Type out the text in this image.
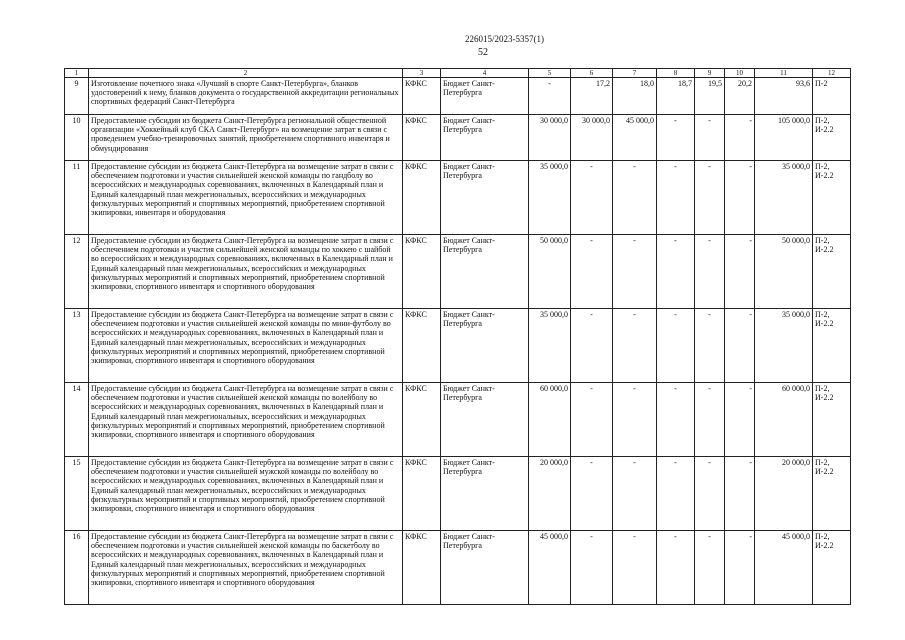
226015/2023-5357(1)
52
1	2	3	4	5	6	7	8	9	10	11	12
9	Изготовление почетного знака «Лучший в спорте Санкт-Петербурга», бланков удостоверений к нему, бланков документа о государственной аккредитации региональных спортивных федераций Санкт-Петербурга	КФКС	Бюджет Санкт-Петербурга	-	17,2	18,0	18,7	19,5	20,2	93,6	П-2
10	Предоставление субсидии из бюджета Санкт-Петербурга региональной общественной организации «Хоккейный клуб СКА Санкт-Петербург» на возмещение затрат в связи с проведением учебно-тренировочных занятий, приобретением спортивного инвентаря и обмундирования	КФКС	Бюджет Санкт-Петербурга	30 000,0	30 000,0	45 000,0	-	-	-	105 000,0	П-2, И-2.2
11	Предоставление субсидии из бюджета Санкт-Петербурга на возмещение затрат в связи с обеспечением подготовки и участия сильнейшей женской команды по гандболу во всероссийских и международных соревнованиях, включенных в Календарный план и Единый календарный план межрегиональных, всероссийских и международных физкультурных мероприятий и спортивных мероприятий, приобретением спортивной экипировки, инвентаря и оборудования	КФКС	Бюджет Санкт-Петербурга	35 000,0	-	-	-	-	-	35 000,0	П-2, И-2.2
12	Предоставление субсидии из бюджета Санкт-Петербурга на возмещение затрат в связи с обеспечением подготовки и участия сильнейшей женской команды по хоккею с шайбой во всероссийских и международных соревнованиях, включенных в Календарный план и Единый календарный план межрегиональных, всероссийских и международных физкультурных мероприятий и спортивных мероприятий, приобретением спортивной экипировки, спортивного инвентаря и спортивного оборудования	КФКС	Бюджет Санкт-Петербурга	50 000,0	-	-	-	-	-	50 000,0	П-2, И-2.2
13	Предоставление субсидии из бюджета Санкт-Петербурга на возмещение затрат в связи с обеспечением подготовки и участия сильнейшей женской команды по мини-футболу во всероссийских и международных соревнованиях, включенных в Календарный план и Единый календарный план межрегиональных, всероссийских и международных физкультурных мероприятий и спортивных мероприятий, приобретением спортивной экипировки, спортивного инвентаря и спортивного оборудования	КФКС	Бюджет Санкт-Петербурга	35 000,0	-	-	-	-	-	35 000,0	П-2, И-2.2
14	Предоставление субсидии из бюджета Санкт-Петербурга на возмещение затрат в связи с обеспечением подготовки и участия сильнейшей женской команды по волейболу во всероссийских и международных соревнованиях, включенных в Календарный план и Единый календарный план межрегиональных, всероссийских и международных физкультурных мероприятий и спортивных мероприятий, приобретением спортивной экипировки, спортивного инвентаря и спортивного оборудования	КФКС	Бюджет Санкт-Петербурга	60 000,0	-	-	-	-	-	60 000,0	П-2, И-2.2
15	Предоставление субсидии из бюджета Санкт-Петербурга на возмещение затрат в связи с обеспечением подготовки и участия сильнейшей мужской команды по волейболу во всероссийских и международных соревнованиях, включенных в Календарный план и Единый календарный план межрегиональных, всероссийских и международных физкультурных мероприятий и спортивных мероприятий, приобретением спортивной экипировки, спортивного инвентаря и спортивного оборудования	КФКС	Бюджет Санкт-Петербурга	20 000,0	-	-	-	-	-	20 000,0	П-2, И-2.2
16	Предоставление субсидии из бюджета Санкт-Петербурга на возмещение затрат в связи с обеспечением подготовки и участия сильнейшей женской команды по баскетболу во всероссийских и международных соревнованиях, включенных в Календарный план и Единый календарный план межрегиональных, всероссийских и международных физкультурных мероприятий и спортивных мероприятий, приобретением спортивной экипировки, спортивного инвентаря и спортивного оборудования	КФКС	Бюджет Санкт-Петербурга	45 000,0	-	-	-	-	-	45 000,0	П-2, И-2.2
